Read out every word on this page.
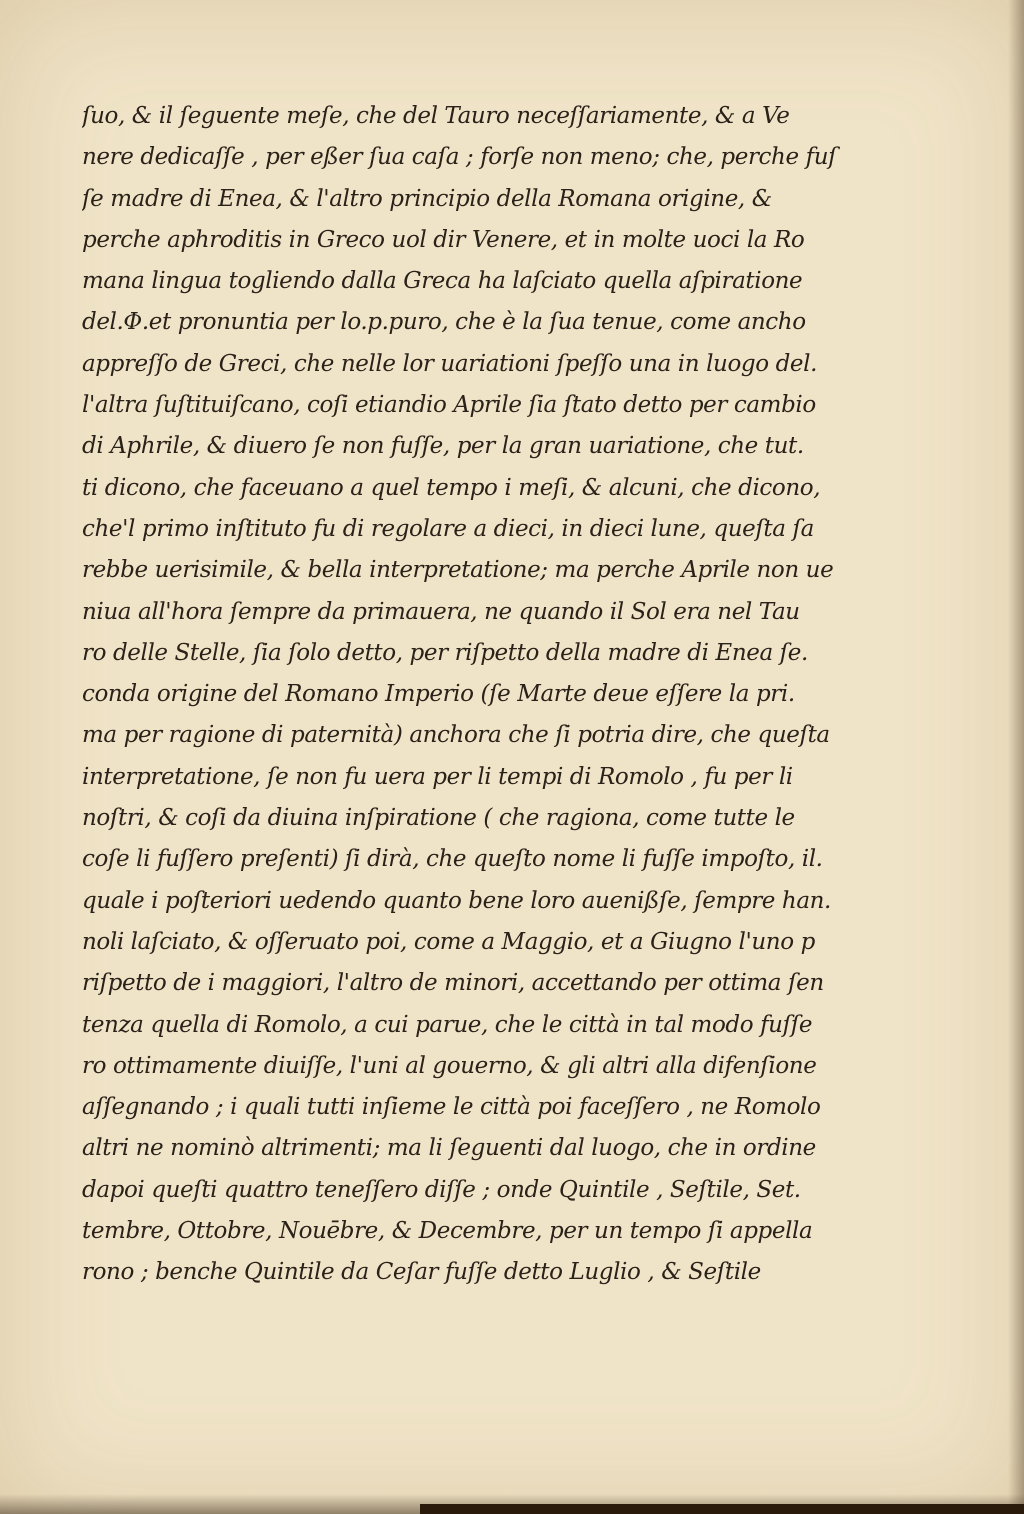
ſuo, & il ſeguente meſe, che del Tauro neceſſariamente, & a Ve
nere dedicaſſe , per eßer ſua caſa ; forſe non meno; che, perche fuſ
ſe madre di Enea, & l'altro principio della Romana origine, &
perche aphroditis in Greco uol dir Venere, et in molte uoci la Ro
mana lingua togliendo dalla Greca ha laſciato quella aſpiratione
del.Φ.et pronuntia per lo.p.puro, che è la ſua tenue, come ancho
appreſſo de Greci, che nelle lor uariationi ſpeſſo una in luogo del.
l'altra ſuſtituiſcano, coſi etiandio Aprile ſia ſtato detto per cambio
di Aphrile, & diuero ſe non fuſſe, per la gran uariatione, che tut.
ti dicono, che faceuano a quel tempo i meſi, & alcuni, che dicono,
che'l primo inſtituto fu di regolare a dieci, in dieci lune, queſta ſa
rebbe uerisimile, & bella interpretatione; ma perche Aprile non ue
niua all'hora ſempre da primauera, ne quando il Sol era nel Tau
ro delle Stelle, ſia ſolo detto, per riſpetto della madre di Enea ſe.
conda origine del Romano Imperio (ſe Marte deue eſſere la pri.
ma per ragione di paternità) anchora che ſi potria dire, che queſta
interpretatione, ſe non fu uera per li tempi di Romolo , fu per li
noſtri, & coſi da diuina inſpiratione ( che ragiona, come tutte le
coſe li fuſſero preſenti) ſi dirà, che queſto nome li fuſſe impoſto, il.
quale i poſteriori uedendo quanto bene loro auenißſe, ſempre han.
noli laſciato, & oſſeruato poi, come a Maggio, et a Giugno l'uno p
riſpetto de i maggiori, l'altro de minori, accettando per ottima ſen
tenza quella di Romolo, a cui parue, che le città in tal modo fuſſe
ro ottimamente diuiſſe, l'uni al gouerno, & gli altri alla difenſione
aſſegnando ; i quali tutti inſieme le città poi faceſſero , ne Romolo
altri ne nominò altrimenti; ma li ſeguenti dal luogo, che in ordine
dapoi queſti quattro teneſſero diſſe ; onde Quintile , Seſtile, Set.
tembre, Ottobre, Nouēbre, & Decembre, per un tempo ſi appella
rono ; benche Quintile da Ceſar fuſſe detto Luglio , & Seſtile
